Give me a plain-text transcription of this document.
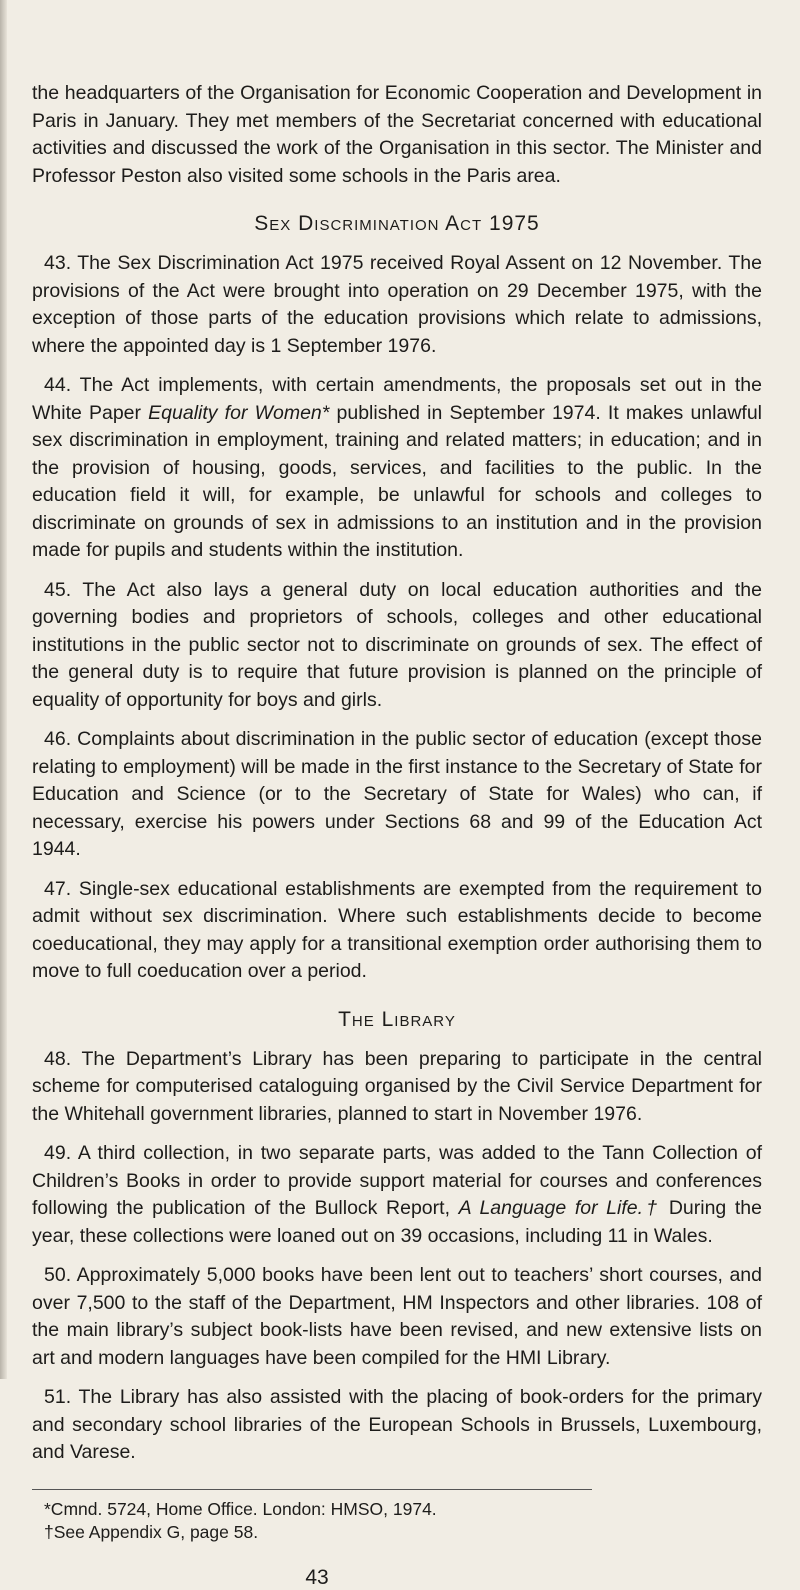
the headquarters of the Organisation for Economic Cooperation and Development in Paris in January. They met members of the Secretariat concerned with educational activities and discussed the work of the Organisation in this sector. The Minister and Professor Peston also visited some schools in the Paris area.

Sex Discrimination Act 1975

43. The Sex Discrimination Act 1975 received Royal Assent on 12 November. The provisions of the Act were brought into operation on 29 December 1975, with the exception of those parts of the education provisions which relate to admissions, where the appointed day is 1 September 1976.

44. The Act implements, with certain amendments, the proposals set out in the White Paper Equality for Women* published in September 1974. It makes unlawful sex discrimination in employment, training and related matters; in education; and in the provision of housing, goods, services, and facilities to the public. In the education field it will, for example, be unlawful for schools and colleges to discriminate on grounds of sex in admissions to an institution and in the provision made for pupils and students within the institution.

45. The Act also lays a general duty on local education authorities and the governing bodies and proprietors of schools, colleges and other educational institutions in the public sector not to discriminate on grounds of sex. The effect of the general duty is to require that future provision is planned on the principle of equality of opportunity for boys and girls.

46. Complaints about discrimination in the public sector of education (except those relating to employment) will be made in the first instance to the Secretary of State for Education and Science (or to the Secretary of State for Wales) who can, if necessary, exercise his powers under Sections 68 and 99 of the Education Act 1944.

47. Single-sex educational establishments are exempted from the requirement to admit without sex discrimination. Where such establishments decide to become coeducational, they may apply for a transitional exemption order authorising them to move to full coeducation over a period.

The Library

48. The Department’s Library has been preparing to participate in the central scheme for computerised cataloguing organised by the Civil Service Department for the Whitehall government libraries, planned to start in November 1976.

49. A third collection, in two separate parts, was added to the Tann Collection of Children’s Books in order to provide support material for courses and conferences following the publication of the Bullock Report, A Language for Life.† During the year, these collections were loaned out on 39 occasions, including 11 in Wales.

50. Approximately 5,000 books have been lent out to teachers’ short courses, and over 7,500 to the staff of the Department, HM Inspectors and other libraries. 108 of the main library’s subject book-lists have been revised, and new extensive lists on art and modern languages have been compiled for the HMI Library.

51. The Library has also assisted with the placing of book-orders for the primary and secondary school libraries of the European Schools in Brussels, Luxembourg, and Varese.

*Cmnd. 5724, Home Office. London: HMSO, 1974.

†See Appendix G, page 58.

43
